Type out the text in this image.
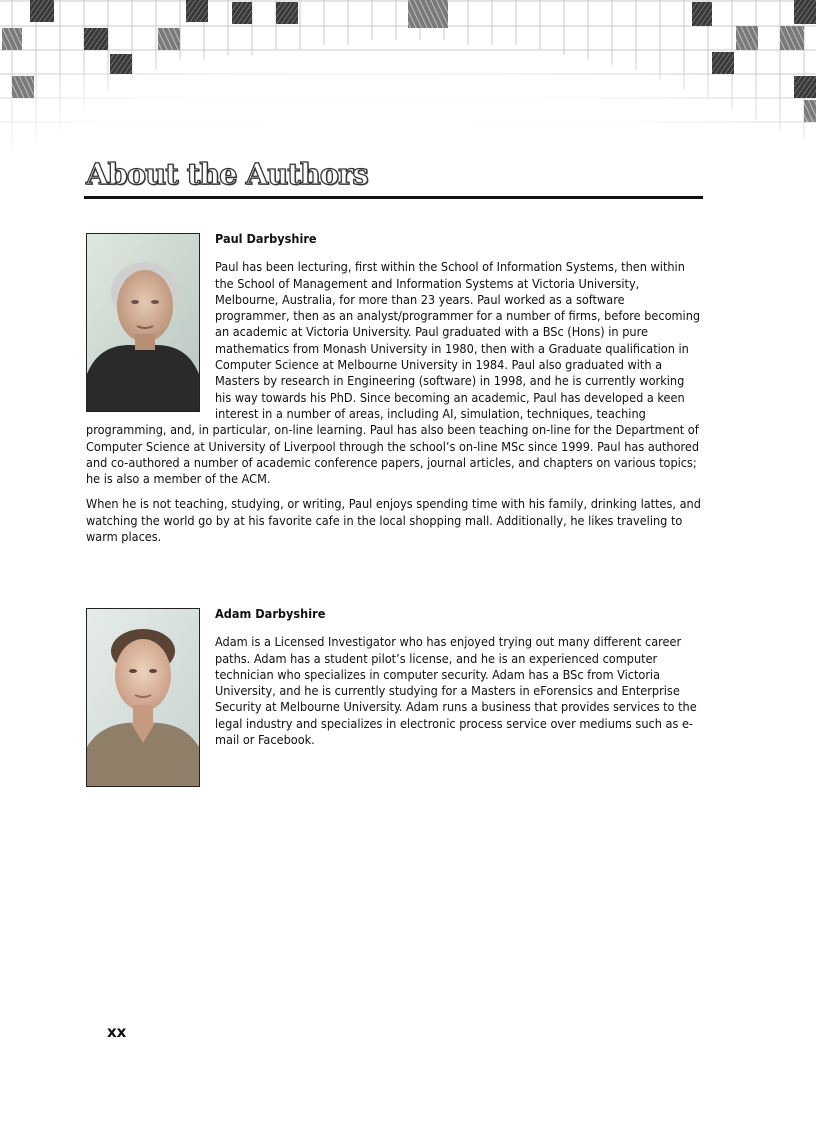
About the Authors
Paul Darbyshire

Paul has been lecturing, first within the School of Information Systems, then within the School of Management and Information Systems at Victoria University, Melbourne, Australia, for more than 23 years. Paul worked as a software programmer, then as an analyst/programmer for a number of firms, before becoming an academic at Victoria University. Paul graduated with a BSc (Hons) in pure mathematics from Monash University in 1980, then with a Graduate qualification in Computer Science at Melbourne University in 1984. Paul also graduated with a Masters by research in Engineering (software) in 1998, and he is currently working his way towards his PhD. Since becoming an academic, Paul has developed a keen interest in a number of areas, including AI, simulation, techniques, teaching programming, and, in particular, on-line learning. Paul has also been teaching on-line for the Department of Computer Science at University of Liverpool through the school’s on-line MSc since 1999. Paul has authored and co-authored a number of academic conference papers, journal articles, and chapters on various topics; he is also a member of the ACM.

When he is not teaching, studying, or writing, Paul enjoys spending time with his family, drinking lattes, and watching the world go by at his favorite cafe in the local shopping mall. Additionally, he likes traveling to warm places.

Adam Darbyshire

Adam is a Licensed Investigator who has enjoyed trying out many different career paths. Adam has a student pilot’s license, and he is an experienced computer technician who specializes in computer security. Adam has a BSc from Victoria University, and he is currently studying for a Masters in eForensics and Enterprise Security at Melbourne University. Adam runs a business that provides services to the legal industry and specializes in electronic process service over mediums such as e-mail or Facebook.

xx
